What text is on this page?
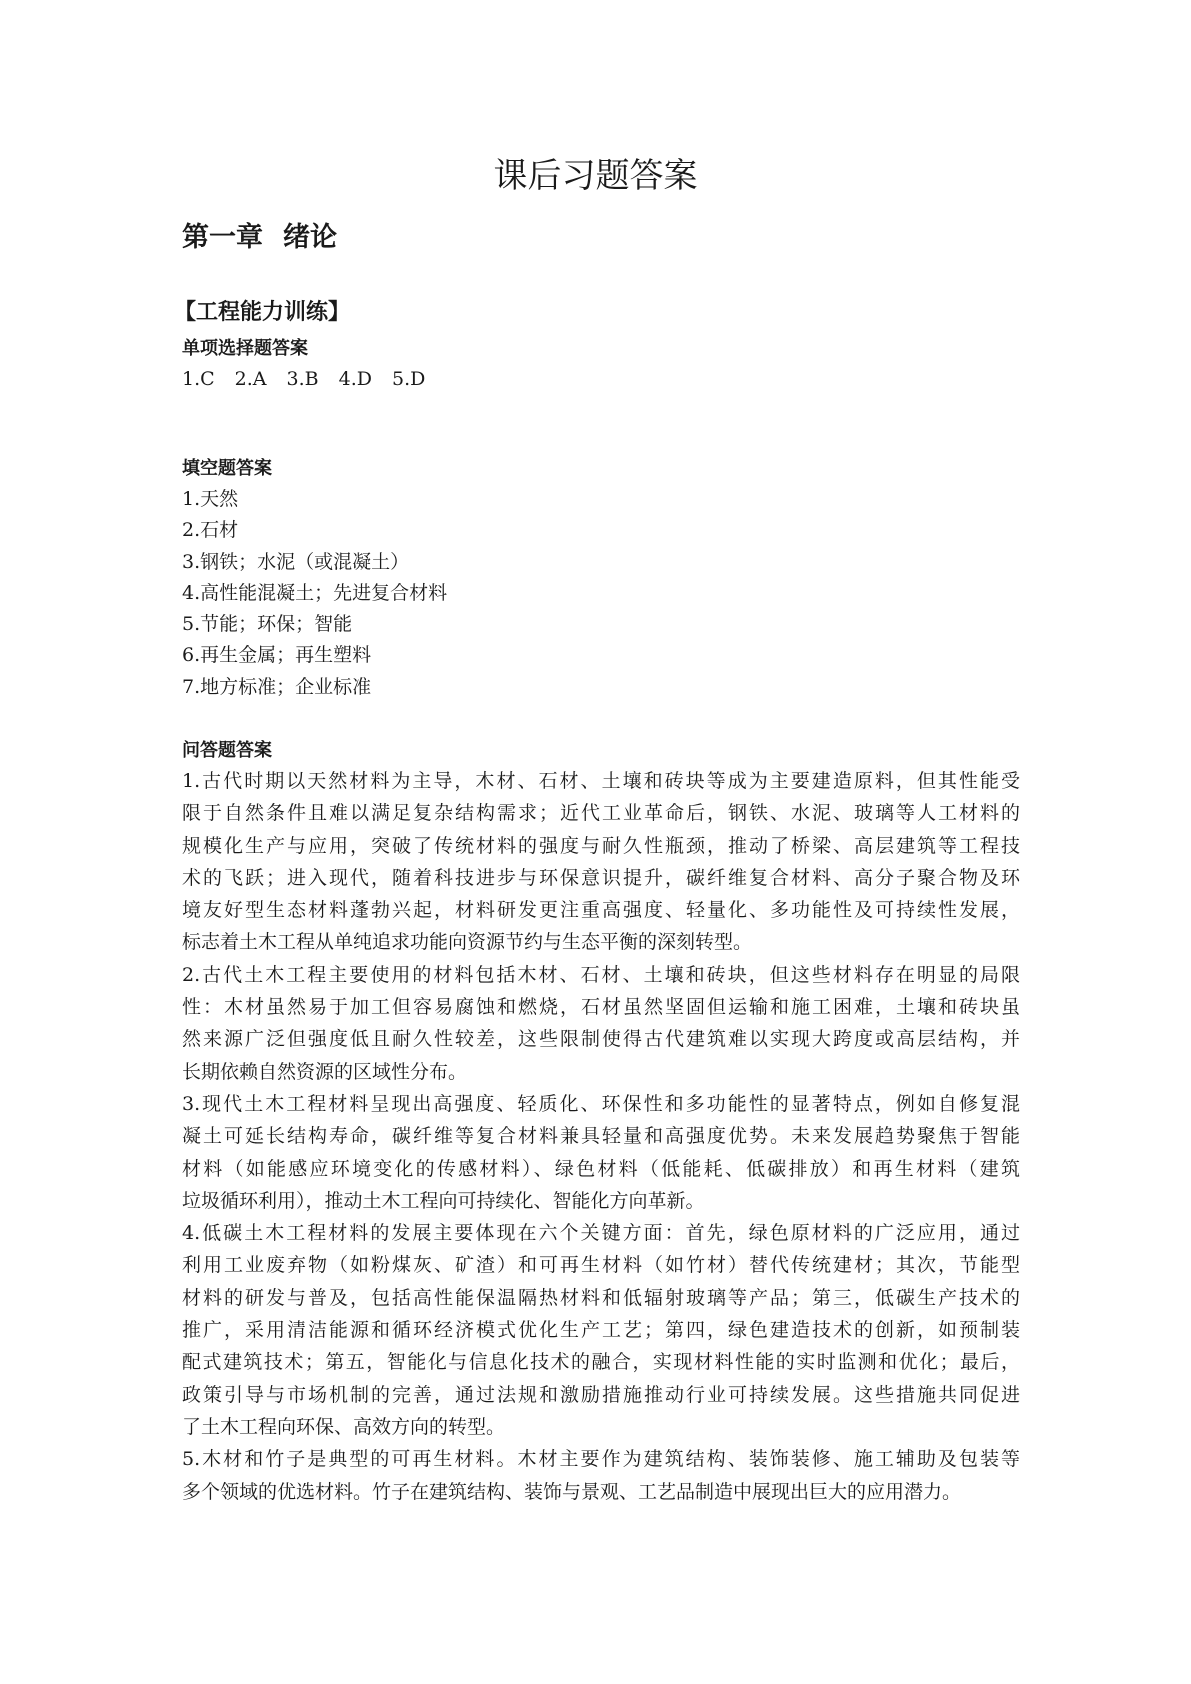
课后习题答案
第一章 绪论
【工程能力训练】
单项选择题答案
1.C 2.A 3.B 4.D 5.D
填空题答案
1.天然
2.石材
3.钢铁；水泥（或混凝土）
4.高性能混凝土；先进复合材料
5.节能；环保；智能
6.再生金属；再生塑料
7.地方标准；企业标准
问答题答案
1.古代时期以天然材料为主导，木材、石材、土壤和砖块等成为主要建造原料，但其性能受
限于自然条件且难以满足复杂结构需求；近代工业革命后，钢铁、水泥、玻璃等人工材料的
规模化生产与应用，突破了传统材料的强度与耐久性瓶颈，推动了桥梁、高层建筑等工程技
术的飞跃；进入现代，随着科技进步与环保意识提升，碳纤维复合材料、高分子聚合物及环
境友好型生态材料蓬勃兴起，材料研发更注重高强度、轻量化、多功能性及可持续性发展，
标志着土木工程从单纯追求功能向资源节约与生态平衡的深刻转型。
2.古代土木工程主要使用的材料包括木材、石材、土壤和砖块，但这些材料存在明显的局限
性：木材虽然易于加工但容易腐蚀和燃烧，石材虽然坚固但运输和施工困难，土壤和砖块虽
然来源广泛但强度低且耐久性较差，这些限制使得古代建筑难以实现大跨度或高层结构，并
长期依赖自然资源的区域性分布。
3.现代土木工程材料呈现出高强度、轻质化、环保性和多功能性的显著特点，例如自修复混
凝土可延长结构寿命，碳纤维等复合材料兼具轻量和高强度优势。未来发展趋势聚焦于智能
材料（如能感应环境变化的传感材料）、绿色材料（低能耗、低碳排放）和再生材料（建筑
垃圾循环利用），推动土木工程向可持续化、智能化方向革新。
4.低碳土木工程材料的发展主要体现在六个关键方面：首先，绿色原材料的广泛应用，通过
利用工业废弃物（如粉煤灰、矿渣）和可再生材料（如竹材）替代传统建材；其次，节能型
材料的研发与普及，包括高性能保温隔热材料和低辐射玻璃等产品；第三，低碳生产技术的
推广，采用清洁能源和循环经济模式优化生产工艺；第四，绿色建造技术的创新，如预制装
配式建筑技术；第五，智能化与信息化技术的融合，实现材料性能的实时监测和优化；最后，
政策引导与市场机制的完善，通过法规和激励措施推动行业可持续发展。这些措施共同促进
了土木工程向环保、高效方向的转型。
5.木材和竹子是典型的可再生材料。木材主要作为建筑结构、装饰装修、施工辅助及包装等
多个领域的优选材料。竹子在建筑结构、装饰与景观、工艺品制造中展现出巨大的应用潜力。
